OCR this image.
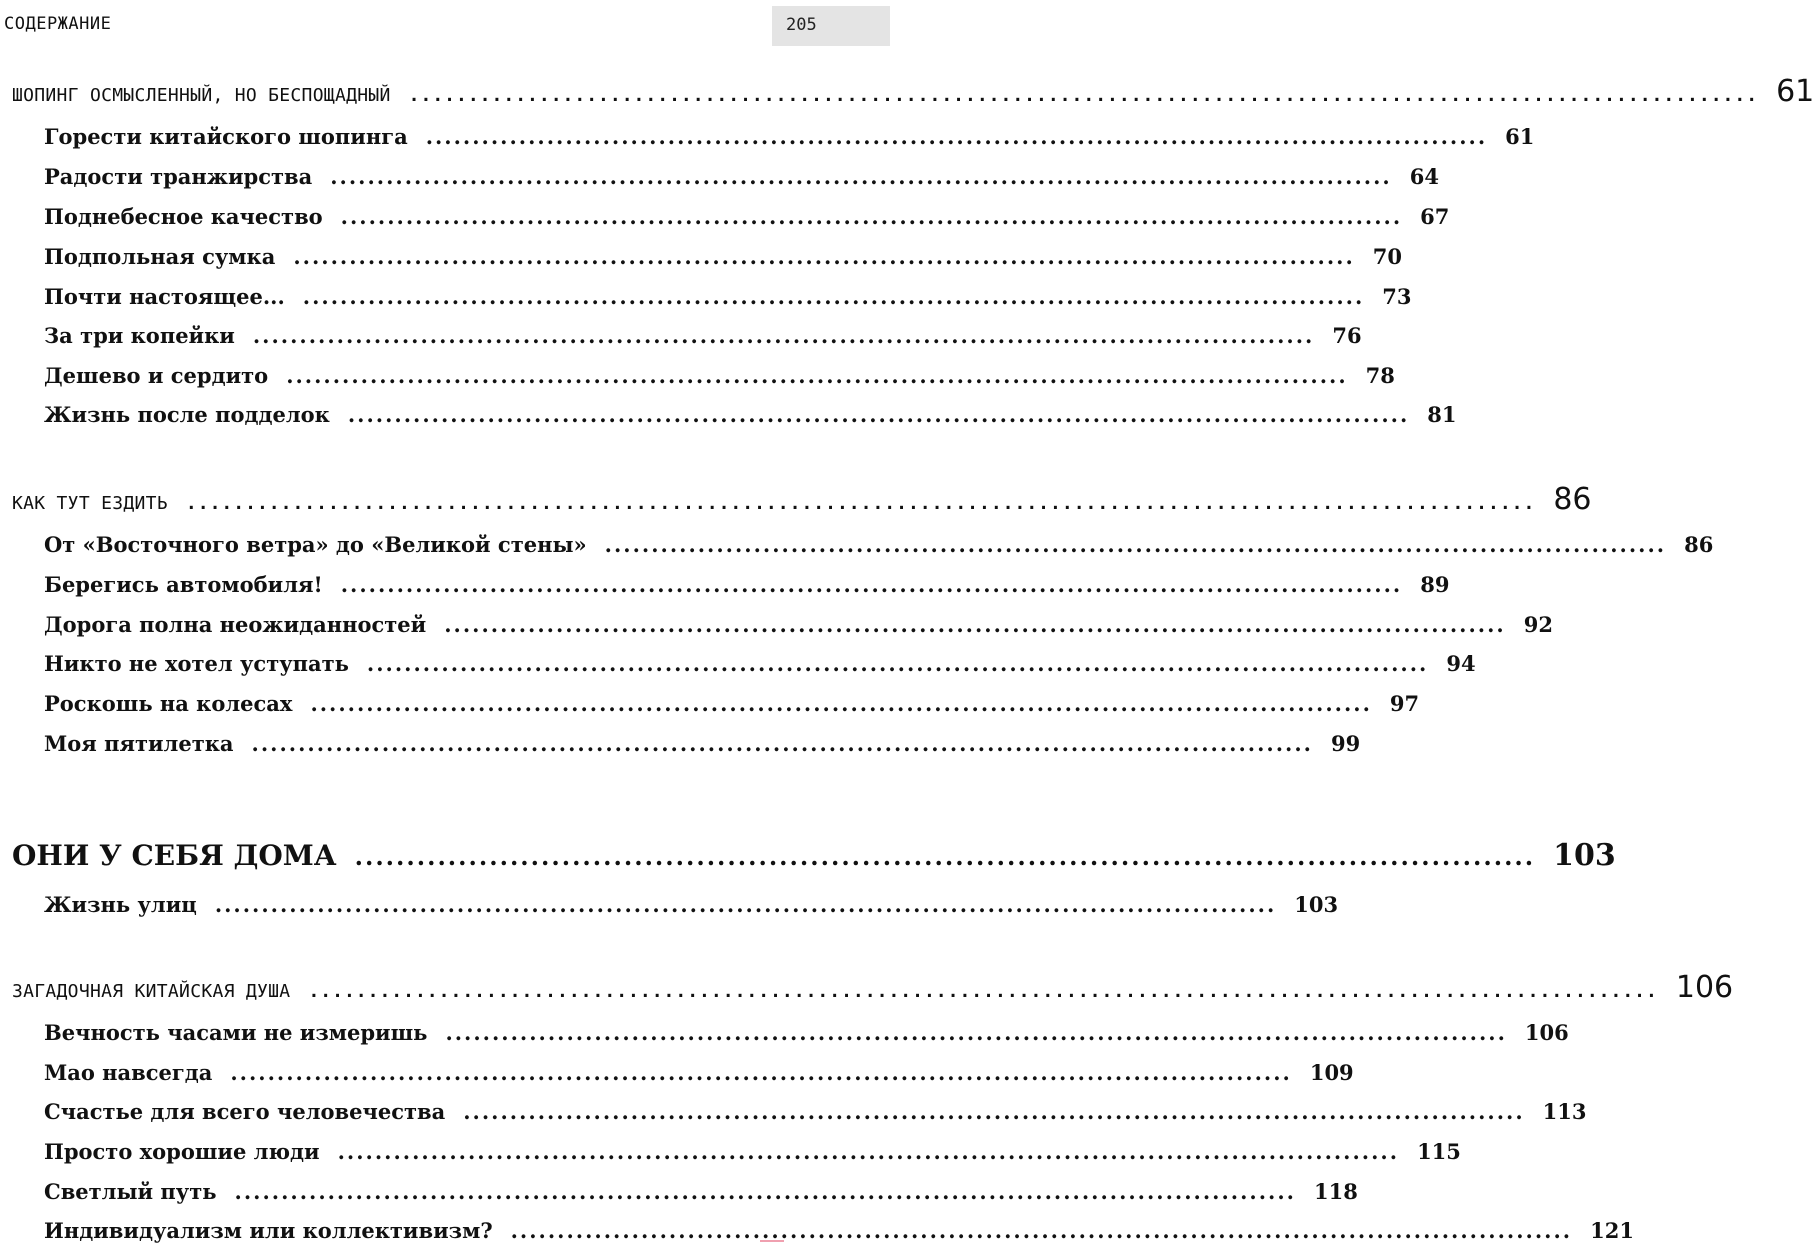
СОДЕРЖАНИЕ	205
ШОПИНГ ОСМЫСЛЕННЫЙ, НО БЕСПОЩАДНЫЙ .................................................................................................................. 61
Горести китайского шопинга .................................................................................................................. 61
Радости транжирства .................................................................................................................. 64
Поднебесное качество .................................................................................................................. 67
Подпольная сумка .................................................................................................................. 70
Почти настоящее... .................................................................................................................. 73
За три копейки .................................................................................................................. 76
Дешево и сердито .................................................................................................................. 78
Жизнь после подделок .................................................................................................................. 81
КАК ТУТ ЕЗДИТЬ .................................................................................................................. 86
От «Восточного ветра» до «Великой стены» .................................................................................................................. 86
Берегись автомобиля! .................................................................................................................. 89
Дорога полна неожиданностей .................................................................................................................. 92
Никто не хотел уступать .................................................................................................................. 94
Роскошь на колесах .................................................................................................................. 97
Моя пятилетка .................................................................................................................. 99
ОНИ У СЕБЯ ДОМА .................................................................................................................. 103
Жизнь улиц .................................................................................................................. 103
ЗАГАДОЧНАЯ КИТАЙСКАЯ ДУША .................................................................................................................. 106
Вечность часами не измеришь .................................................................................................................. 106
Мао навсегда .................................................................................................................. 109
Счастье для всего человечества .................................................................................................................. 113
Просто хорошие люди .................................................................................................................. 115
Светлый путь .................................................................................................................. 118
Индивидуализм или коллективизм? .................................................................................................................. 121
